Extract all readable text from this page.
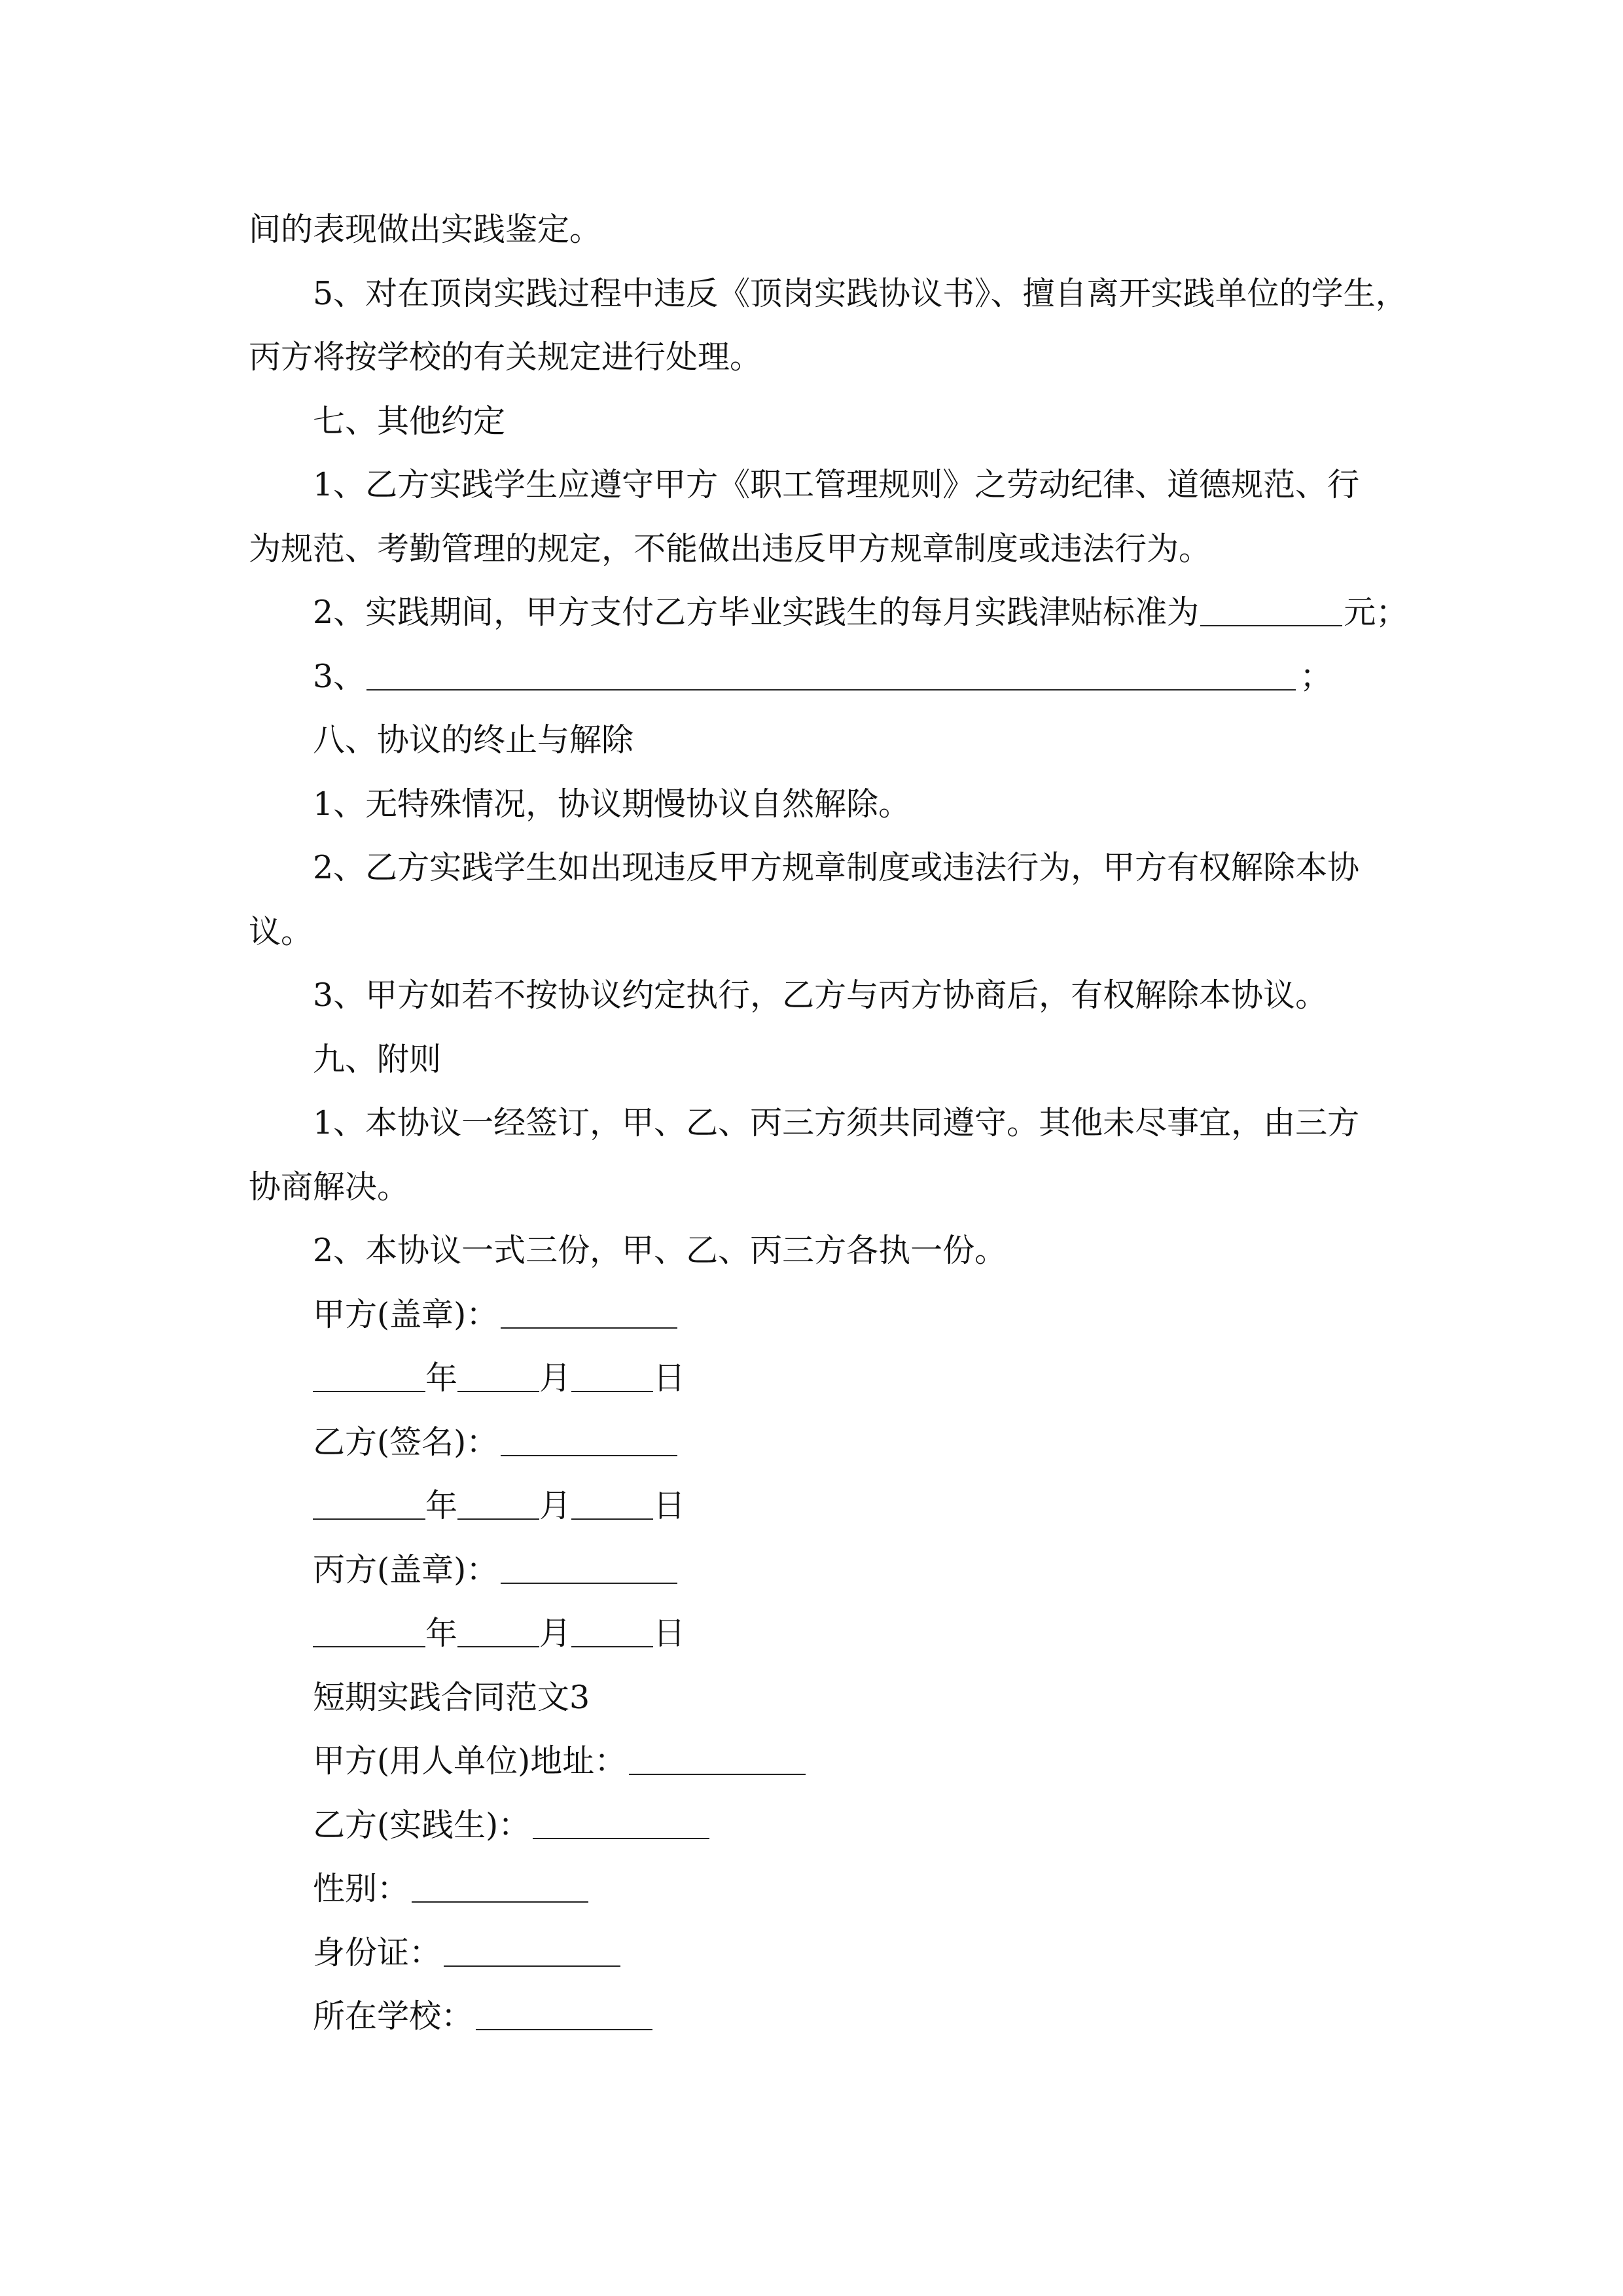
间的表现做出实践鉴定。
5、对在顶岗实践过程中违反《顶岗实践协议书》、擅自离开实践单位的学生，
丙方将按学校的有关规定进行处理。
七、其他约定
1、乙方实践学生应遵守甲方《职工管理规则》之劳动纪律、道德规范、行
为规范、考勤管理的规定，不能做出违反甲方规章制度或违法行为。
2、实践期间，甲方支付乙方毕业实践生的每月实践津贴标准为	元；
3、	；
八、协议的终止与解除
1、无特殊情况，协议期慢协议自然解除。
2、乙方实践学生如出现违反甲方规章制度或违法行为，甲方有权解除本协
议。
3、甲方如若不按协议约定执行，乙方与丙方协商后，有权解除本协议。
九、附则
1、本协议一经签订，甲、乙、丙三方须共同遵守。其他未尽事宜，由三方
协商解决。
2、本协议一式三份，甲、乙、丙三方各执一份。
甲方(盖章)：
年	月	日
乙方(签名)：
年	月	日
丙方(盖章)：
年	月	日
短期实践合同范文3
甲方(用人单位)地址：
乙方(实践生)：
性别：
身份证：
所在学校：
